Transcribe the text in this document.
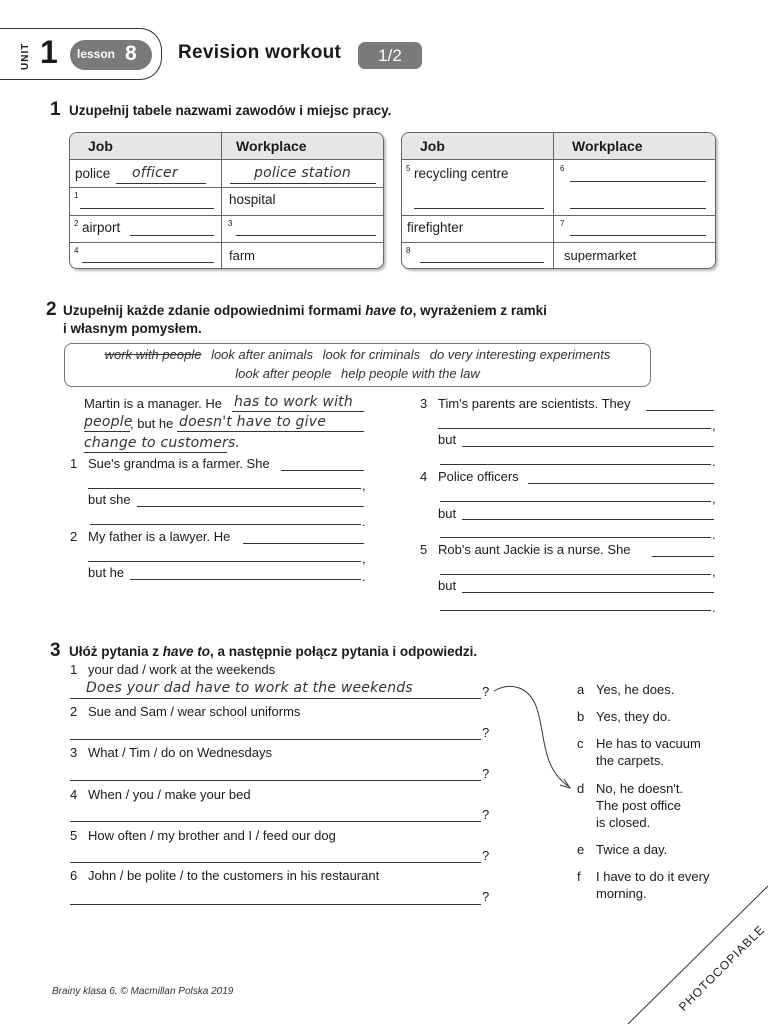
UNIT 1 lesson 8 Revision workout	1/2
1 Uzupełnij tabele nazwami zawodów i miejsc pracy.
Job	Workplace
police officer	police station
1	hospital
2 airport	3
4	farm
Job	Workplace
5 recycling centre	6
firefighter	7
8	supermarket
2 Uzupełnij każde zdanie odpowiednimi formami have to, wyrażeniem z ramki
i własnym pomysłem.
work with people look after animals look for criminals do very interesting experiments
look after people help people with the law
Martin is a manager. He has to work with
people
, but he doesn't have to give
change to customers.
1 Sue's grandma is a farmer. She
,
but she
.
2 My father is a lawyer. He
,
but he	.
3 Tim's parents are scientists. They
,
but
.
4 Police officers
,
but
.
5 Rob's aunt Jackie is a nurse. She
,
but
.
3 Ułóż pytania z have to, a następnie połącz pytania i odpowiedzi.
1 your dad / work at the weekends
Does your dad have to work at the weekends	?
2 Sue and Sam / wear school uniforms
?
3 What / Tim / do on Wednesdays
?
4 When / you / make your bed
?
5 How often / my brother and I / feed our dog
?
6 John / be polite / to the customers in his restaurant
?
a Yes, he does.
b Yes, they do.
c He has to vacuum
the carpets.
d No, he doesn't.
The post office
is closed.
e Twice a day.
f I have to do it every
morning.
Brainy klasa 6. © Macmillan Polska 2019	PHOTOCOPIABLE
